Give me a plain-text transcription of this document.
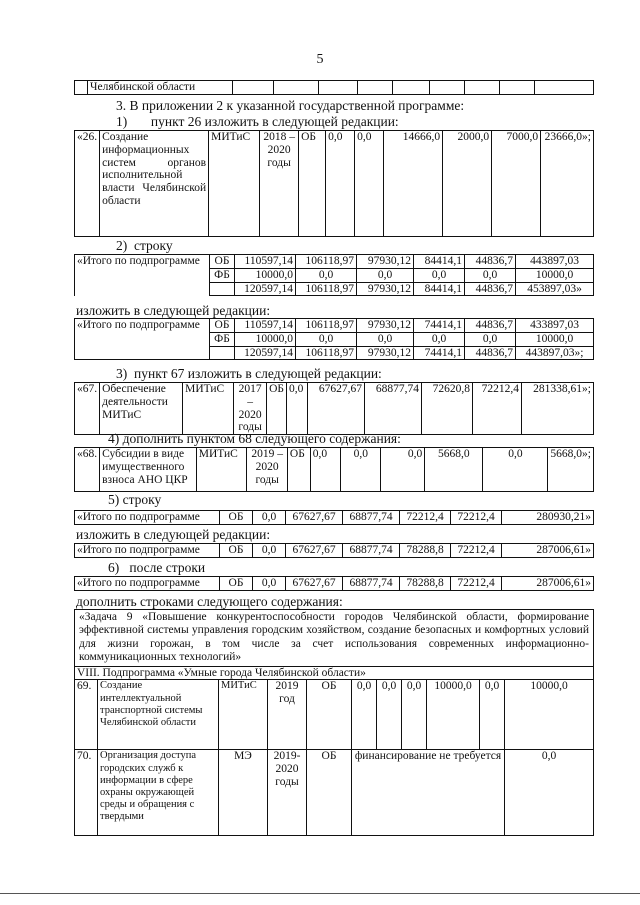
5
	Челябинской области									
3. В приложении 2 к указанной государственной программе:
1)       пункт 26 изложить в следующей редакции:
«26.	Создание информационных систем органов исполнительной власти Челябинской области	МИТиС	2018 – 2020 годы	ОБ	0,0	0,0	14666,0	2000,0	7000,0	23666,0»;
2)  строку
«Итого по подпрограмме	ОБ	110597,14	106118,97	97930,12	84414,1	44836,7	443897,03
	ФБ	10000,0	0,0	0,0	0,0	0,0	10000,0
		120597,14	106118,97	97930,12	84414,1	44836,7	453897,03»
изложить в следующей редакции:
«Итого по подпрограмме	ОБ	110597,14	106118,97	97930,12	74414,1	44836,7	433897,03
	ФБ	10000,0	0,0	0,0	0,0	0,0	10000,0
		120597,14	106118,97	97930,12	74414,1	44836,7	443897,03»;
3)  пункт 67 изложить в следующей редакции:
«67.	Обеспечение деятельности МИТиС	МИТиС	2017 – 2020 годы	ОБ	0,0	67627,67	68877,74	72620,8	72212,4	281338,61»;
4) дополнить пунктом 68 следующего содержания:
«68.	Субсидии в виде имущественного взноса АНО ЦКР	МИТиС	2019 – 2020 годы	ОБ	0,0	0,0	0,0	5668,0	0,0	5668,0»;
5) строку
«Итого по подпрограмме	ОБ	0,0	67627,67	68877,74	72212,4	72212,4	280930,21»
изложить в следующей редакции:
«Итого по подпрограмме	ОБ	0,0	67627,67	68877,74	78288,8	72212,4	287006,61»
6)   после строки
«Итого по подпрограмме	ОБ	0,0	67627,67	68877,74	78288,8	72212,4	287006,61»
дополнить строками следующего содержания:
«Задача 9 «Повышение конкурентоспособности городов Челябинской области, формирование эффективной системы управления городским хозяйством, создание безопасных и комфортных условий для жизни горожан, в том числе за счет использования современных информационно-коммуникационных технологий»										
VIII. Подпрограмма «Умные города Челябинской области»										
69.	Создание интеллектуальной транспортной системы Челябинской области	МИТиС	2019 год	ОБ	0,0	0,0	0,0	10000,0	0,0	10000,0
70.	Организация доступа городских служб к информации в сфере охраны окружающей среды и обращения с твердыми	МЭ	2019-2020 годы	ОБ	финансирование не требуется					0,0
